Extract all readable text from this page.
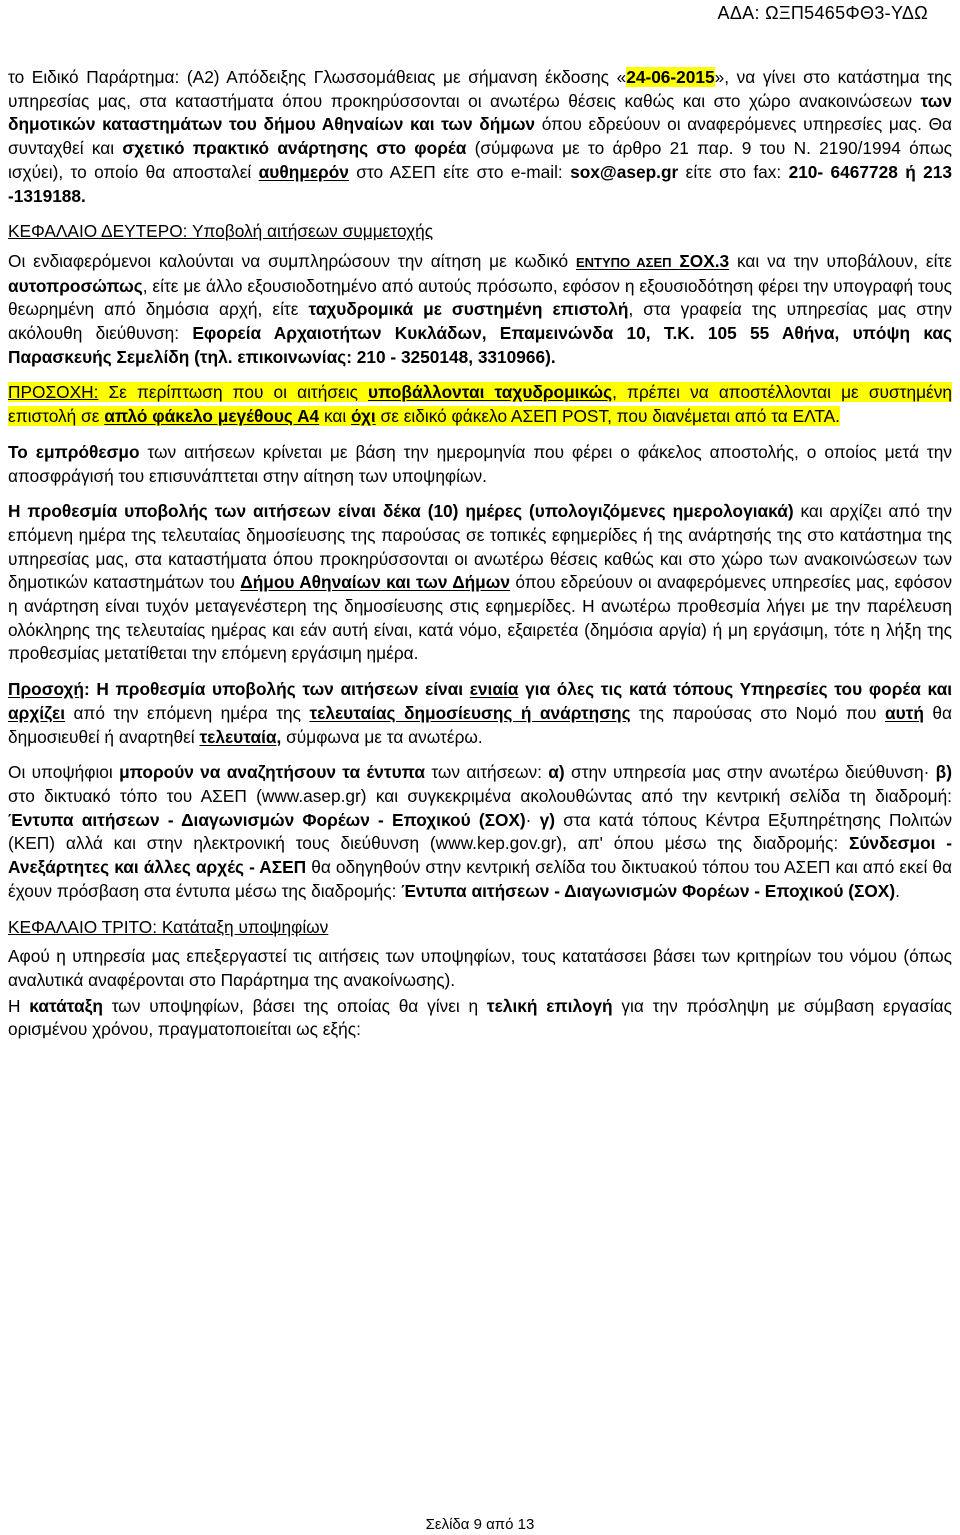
ΑΔΑ: ΩΞΠ5465ΦΘ3-ΥΔΩ

το Ειδικό Παράρτημα: (Α2) Απόδειξης Γλωσσομάθειας με σήμανση έκδοσης «24-06-2015», να γίνει στο κατάστημα της υπηρεσίας μας, στα καταστήματα όπου προκηρύσσονται οι ανωτέρω θέσεις καθώς και στο χώρο ανακοινώσεων των δημοτικών καταστημάτων του δήμου Αθηναίων και των δήμων όπου εδρεύουν οι αναφερόμενες υπηρεσίες μας. Θα συνταχθεί και σχετικό πρακτικό ανάρτησης στο φορέα (σύμφωνα με το άρθρο 21 παρ. 9 του Ν. 2190/1994 όπως ισχύει), το οποίο θα αποσταλεί αυθημερόν στο ΑΣΕΠ είτε στο e-mail: sox@asep.gr είτε στο fax: 210- 6467728 ή 213 -1319188.

ΚΕΦΑΛΑΙΟ ΔΕΥΤΕΡΟ: Υποβολή αιτήσεων συμμετοχής

Οι ενδιαφερόμενοι καλούνται να συμπληρώσουν την αίτηση με κωδικό ΕΝΤΥΠΟ ΑΣΕΠ ΣΟΧ.3 και να την υποβάλουν, είτε αυτοπροσώπως, είτε με άλλο εξουσιοδοτημένο από αυτούς πρόσωπο, εφόσον η εξουσιοδότηση φέρει την υπογραφή τους θεωρημένη από δημόσια αρχή, είτε ταχυδρομικά με συστημένη επιστολή, στα γραφεία της υπηρεσίας μας στην ακόλουθη διεύθυνση: Εφορεία Αρχαιοτήτων Κυκλάδων, Επαμεινώνδα 10, Τ.Κ. 105 55 Αθήνα, υπόψη κας Παρασκευής Σεμελίδη (τηλ. επικοινωνίας: 210 - 3250148, 3310966).

ΠΡΟΣΟΧΗ: Σε περίπτωση που οι αιτήσεις υποβάλλονται ταχυδρομικώς, πρέπει να αποστέλλονται με συστημένη επιστολή σε απλό φάκελο μεγέθους Α4 και όχι σε ειδικό φάκελο ΑΣΕΠ POST, που διανέμεται από τα ΕΛΤΑ.

Το εμπρόθεσμο των αιτήσεων κρίνεται με βάση την ημερομηνία που φέρει ο φάκελος αποστολής, ο οποίος μετά την αποσφράγισή του επισυνάπτεται στην αίτηση των υποψηφίων.

Η προθεσμία υποβολής των αιτήσεων είναι δέκα (10) ημέρες (υπολογιζόμενες ημερολογιακά) και αρχίζει από την επόμενη ημέρα της τελευταίας δημοσίευσης της παρούσας σε τοπικές εφημερίδες ή της ανάρτησής της στο κατάστημα της υπηρεσίας μας, στα καταστήματα όπου προκηρύσσονται οι ανωτέρω θέσεις καθώς και στο χώρο των ανακοινώσεων των δημοτικών καταστημάτων του Δήμου Αθηναίων και των Δήμων όπου εδρεύουν οι αναφερόμενες υπηρεσίες μας, εφόσον η ανάρτηση είναι τυχόν μεταγενέστερη της δημοσίευσης στις εφημερίδες. Η ανωτέρω προθεσμία λήγει με την παρέλευση ολόκληρης της τελευταίας ημέρας και εάν αυτή είναι, κατά νόμο, εξαιρετέα (δημόσια αργία) ή μη εργάσιμη, τότε η λήξη της προθεσμίας μετατίθεται την επόμενη εργάσιμη ημέρα.

Προσοχή: Η προθεσμία υποβολής των αιτήσεων είναι ενιαία για όλες τις κατά τόπους Υπηρεσίες του φορέα και αρχίζει από την επόμενη ημέρα της τελευταίας δημοσίευσης ή ανάρτησης της παρούσας στο Νομό που αυτή θα δημοσιευθεί ή αναρτηθεί τελευταία, σύμφωνα με τα ανωτέρω.

Οι υποψήφιοι μπορούν να αναζητήσουν τα έντυπα των αιτήσεων: α) στην υπηρεσία μας στην ανωτέρω διεύθυνση· β) στο δικτυακό τόπο του ΑΣΕΠ (www.asep.gr) και συγκεκριμένα ακολουθώντας από την κεντρική σελίδα τη διαδρομή: Έντυπα αιτήσεων - Διαγωνισμών Φορέων - Εποχικού (ΣΟΧ)· γ) στα κατά τόπους Κέντρα Εξυπηρέτησης Πολιτών (ΚΕΠ) αλλά και στην ηλεκτρονική τους διεύθυνση (www.kep.gov.gr), απ' όπου μέσω της διαδρομής: Σύνδεσμοι - Ανεξάρτητες και άλλες αρχές - ΑΣΕΠ θα οδηγηθούν στην κεντρική σελίδα του δικτυακού τόπου του ΑΣΕΠ και από εκεί θα έχουν πρόσβαση στα έντυπα μέσω της διαδρομής: Έντυπα αιτήσεων - Διαγωνισμών Φορέων - Εποχικού (ΣΟΧ).

ΚΕΦΑΛΑΙΟ ΤΡΙΤΟ: Κατάταξη υποψηφίων

Αφού η υπηρεσία μας επεξεργαστεί τις αιτήσεις των υποψηφίων, τους κατατάσσει βάσει των κριτηρίων του νόμου (όπως αναλυτικά αναφέρονται στο Παράρτημα της ανακοίνωσης).

Η κατάταξη των υποψηφίων, βάσει της οποίας θα γίνει η τελική επιλογή για την πρόσληψη με σύμβαση εργασίας ορισμένου χρόνου, πραγματοποιείται ως εξής:

Σελίδα 9 από 13
